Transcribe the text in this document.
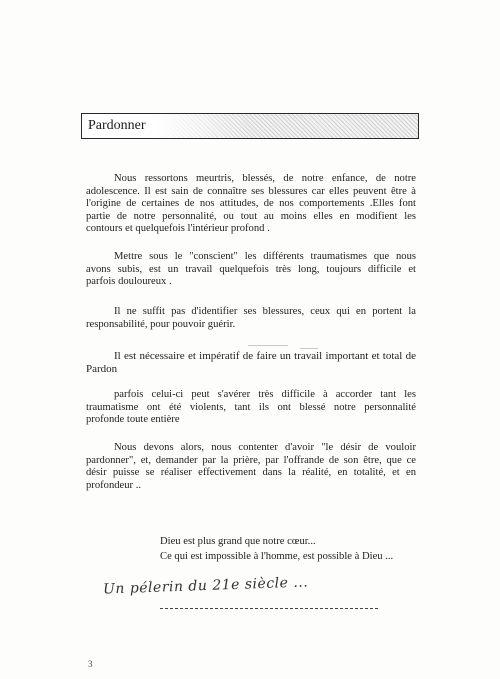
Pardonner
Nous ressortons meurtris, blessés, de notre enfance, de notre
adolescence. Il est sain de connaître ses blessures car elles peuvent être à
l'origine de certaines de nos attitudes, de nos comportements .Elles font
partie de notre personnalité, ou tout au moins elles en modifient les
contours et quelquefois l'intérieur profond .
Mettre sous le "conscient" les différents traumatismes que nous
avons subis, est un travail quelquefois très long, toujours difficile et
parfois douloureux .
Il ne suffit pas d'identifier ses blessures, ceux qui en portent la
responsabilité, pour pouvoir guérir.
Il est nécessaire et impératif de faire un travail important et total de
Pardon
parfois celui-ci peut s'avérer très difficile à accorder tant les
traumatisme ont été violents, tant ils ont blessé notre personnalité
profonde toute entière
Nous devons alors, nous contenter d'avoir "le désir de vouloir
pardonner", et, demander par la prière, par l'offrande de son être, que ce
désir puisse se réaliser effectivement dans la réalité, en totalité, et en
profondeur ..
Dieu est plus grand que notre cœur...
Ce qui est impossible à l'homme, est possible à Dieu ...
Un pélerin du 21e siècle ...
3
